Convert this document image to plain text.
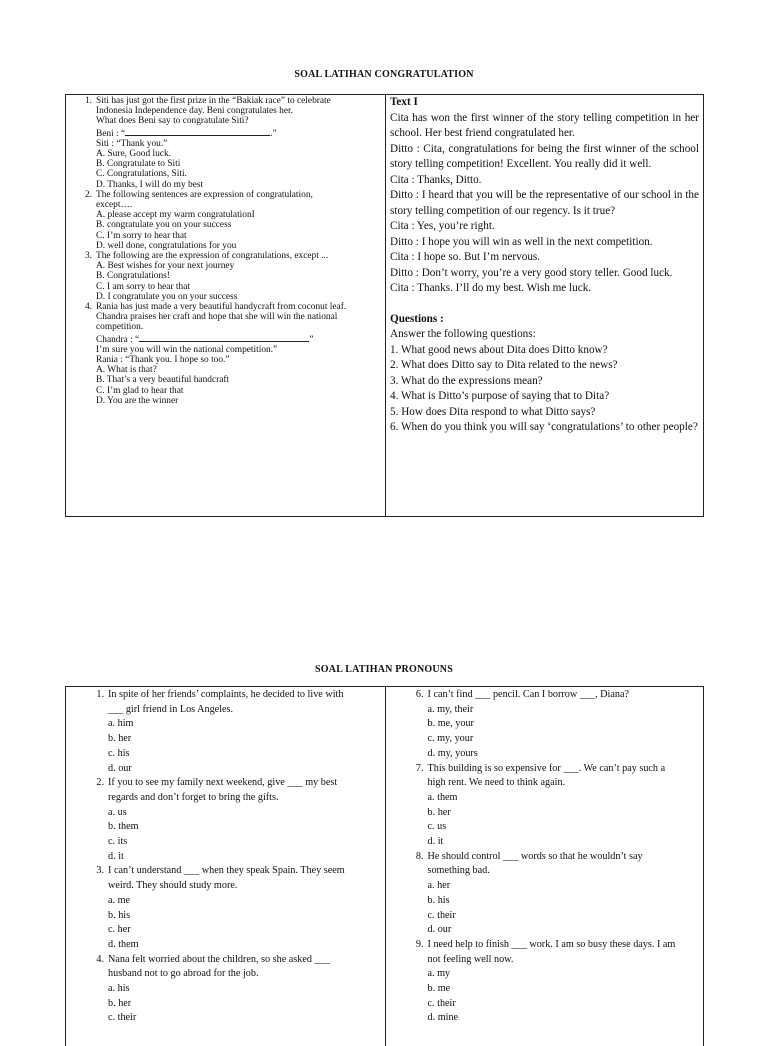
SOAL LATIHAN CONGRATULATION
1. Siti has just got the first prize in the “Bakiak race” to celebrate
Indonesia Independence day. Beni congratulates her.
What does Beni say to congratulate Siti?
Beni : “	.”
Siti : “Thank you.”
A. Sure, Good luck.
B. Congratulate to Siti
C. Congratulations, Siti.
D. Thanks, I will do my best
2. The following sentences are expression of congratulation,
except….
A. please accept my warm congratulationI
B. congratulate you on your success
C. I’m sorry to hear that
D. well done, congratulations for you
3. The following are the expression of congratulations, except ...
A. Best wishes for your next journey
B. Congratulations!
C. I am sorry to hear that
D. I congratulate you on your success
4. Rania has just made a very beautiful handycraft from coconut leaf.
Chandra praises her craft and hope that she will win the national
competition.
Chandra : “	”
I’m sure you will win the national competition.”
Rania : “Thank you. I hope so too.”
A. What is that?
B. That’s a very beautiful handcraft
C. I’m glad to hear that
D. You are the winner
Text I
Cita has won the first winner of the story telling competition in her school. Her best friend congratulated her.
Ditto : Cita, congratulations for being the first winner of the school story telling competition! Excellent. You really did it well.
Cita : Thanks, Ditto.
Ditto : I heard that you will be the representative of our school in the story telling competition of our regency. Is it true?
Cita : Yes, you’re right.
Ditto : I hope you will win as well in the next competition.
Cita : I hope so. But I’m nervous.
Ditto : Don’t worry, you’re a very good story teller. Good luck.
Cita : Thanks. I’ll do my best. Wish me luck.
Questions :
Answer the following questions:
1. What good news about Dita does Ditto know?
2. What does Ditto say to Dita related to the news?
3. What do the expressions mean?
4. What is Ditto’s purpose of saying that to Dita?
5. How does Dita respond to what Ditto says?
6. When do you think you will say ‘congratulations’ to other people?
SOAL LATIHAN PRONOUNS
1. In spite of her friends’ complaints, he decided to live with
___ girl friend in Los Angeles.
a. him
b. her
c. his
d. our
2. If you to see my family next weekend, give ___ my best
regards and don’t forget to bring the gifts.
a. us
b. them
c. its
d. it
3. I can’t understand ___ when they speak Spain. They seem
weird. They should study more.
a. me
b. his
c. her
d. them
4. Nana felt worried about the children, so she asked ___
husband not to go abroad for the job.
a. his
b. her
c. their
6. I can’t find ___ pencil. Can I borrow ___, Diana?
a. my, their
b. me, your
c. my, your
d. my, yours
7. This building is so expensive for ___. We can’t pay such a
high rent. We need to think again.
a. them
b. her
c. us
d. it
8. He should control ___ words so that he wouldn’t say
something bad.
a. her
b. his
c. their
d. our
9. I need help to finish ___ work. I am so busy these days. I am
not feeling well now.
a. my
b. me
c. their
d. mine
